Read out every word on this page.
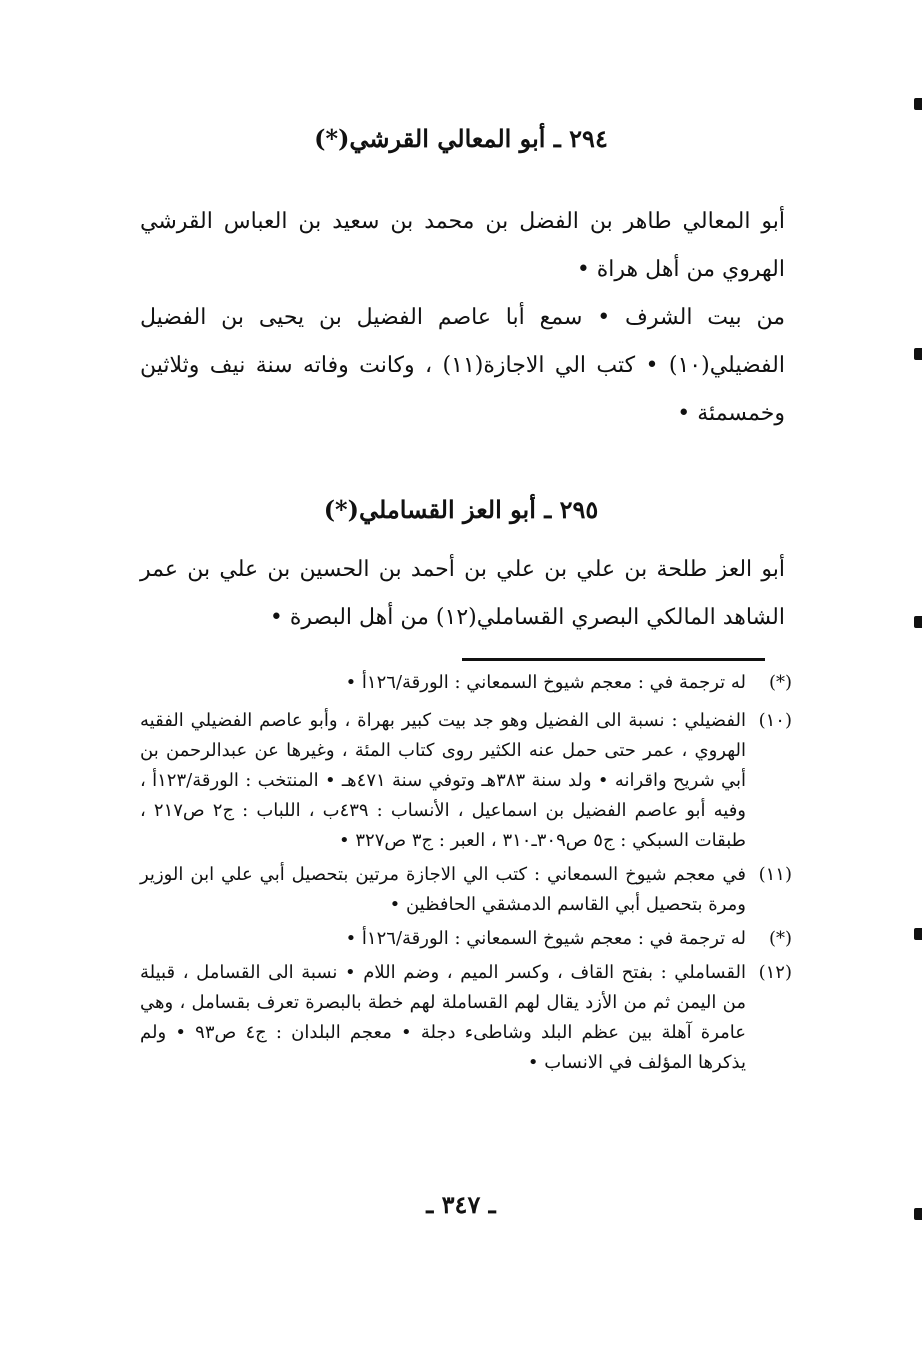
٢٩٤ ـ أبو المعالي القرشي(*)
أبو المعالي طاهر بن الفضل بن محمد بن سعيد بن العباس القرشي الهروي من أهل هراة •
من بيت الشرف • سمع أبا عاصم الفضيل بن يحيى بن الفضيل الفضيلي(١٠) • كتب الي الاجازة(١١) ، وكانت وفاته سنة نيف وثلاثين وخمسمئة •
٢٩٥ ـ أبو العز القساملي(*)
أبو العز طلحة بن علي بن علي بن أحمد بن الحسين بن علي بن عمر الشاهد المالكي البصري القساملي(١٢) من أهل البصرة •
(*)
له ترجمة في : معجم شيوخ السمعاني : الورقة/١٢٦أ •
(١٠)
الفضيلي : نسبة الى الفضيل وهو جد بيت كبير بهراة ، وأبو عاصم الفضيلي الفقيه الهروي ، عمر حتى حمل عنه الكثير روى كتاب المئة ، وغيرها عن عبدالرحمن بن أبي شريح واقرانه • ولد سنة ٣٨٣هـ وتوفي سنة ٤٧١هـ • المنتخب : الورقة/١٢٣أ ، وفيه أبو عاصم الفضيل بن اسماعيل ، الأنساب : ٤٣٩ب ، اللباب : ج٢ ص٢١٧ ، طبقات السبكي : ج٥ ص٣٠٩ـ٣١٠ ، العبر : ج٣ ص٣٢٧ •
(١١)
في معجم شيوخ السمعاني : كتب الي الاجازة مرتين بتحصيل أبي علي ابن الوزير ومرة بتحصيل أبي القاسم الدمشقي الحافظين •
(*)
له ترجمة في : معجم شيوخ السمعاني : الورقة/١٢٦أ •
(١٢)
القساملي : بفتح القاف ، وكسر الميم ، وضم اللام • نسبة الى القسامل ، قبيلة من اليمن ثم من الأزد يقال لهم القساملة لهم خطة بالبصرة تعرف بقسامل ، وهي عامرة آهلة بين عظم البلد وشاطىء دجلة • معجم البلدان : ج٤ ص٩٣ • ولم يذكرها المؤلف في الانساب •
ـ ٣٤٧ ـ
